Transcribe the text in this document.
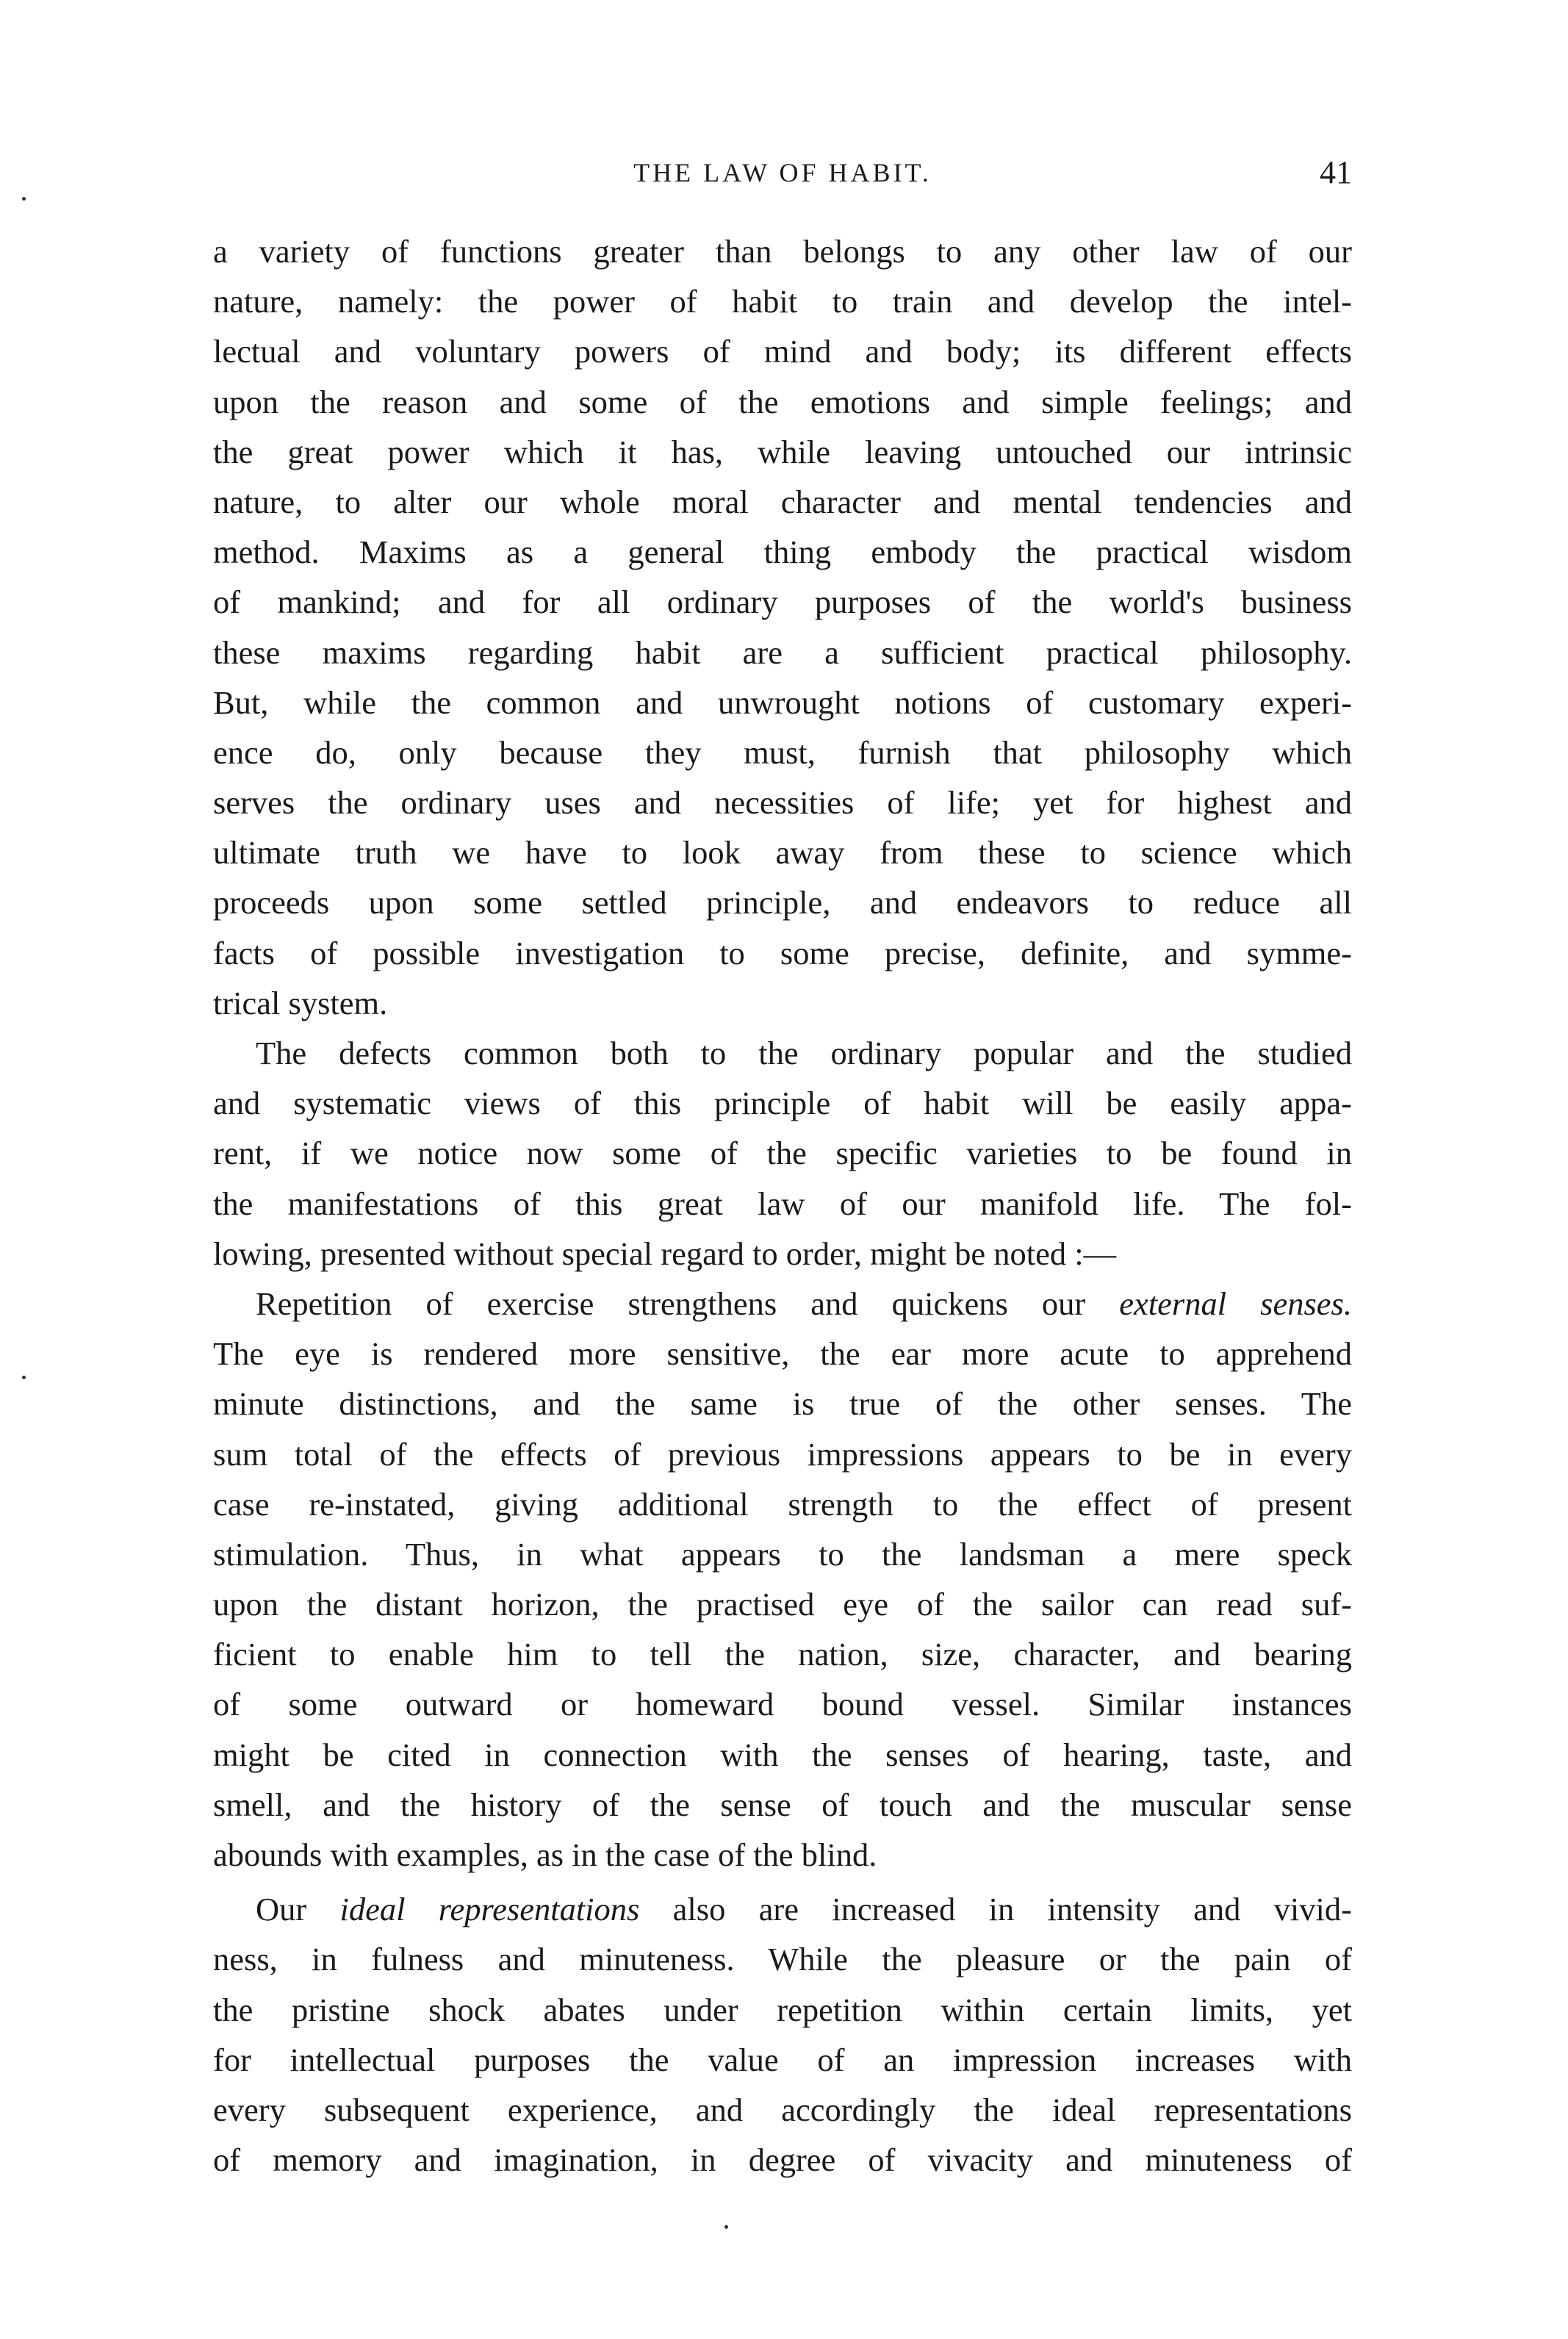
THE LAW OF HABIT.	41
a variety of functions greater than belongs to any other law of our
nature, namely: the power of habit to train and develop the intel-
lectual and voluntary powers of mind and body; its different effects
upon the reason and some of the emotions and simple feelings; and
the great power which it has, while leaving untouched our intrinsic
nature, to alter our whole moral character and mental tendencies and
method. Maxims as a general thing embody the practical wisdom
of mankind; and for all ordinary purposes of the world's business
these maxims regarding habit are a sufficient practical philosophy.
But, while the common and unwrought notions of customary experi-
ence do, only because they must, furnish that philosophy which
serves the ordinary uses and necessities of life; yet for highest and
ultimate truth we have to look away from these to science which
proceeds upon some settled principle, and endeavors to reduce all
facts of possible investigation to some precise, definite, and symme-
trical system.
The defects common both to the ordinary popular and the studied
and systematic views of this principle of habit will be easily appa-
rent, if we notice now some of the specific varieties to be found in
the manifestations of this great law of our manifold life. The fol-
lowing, presented without special regard to order, might be noted :—
Repetition of exercise strengthens and quickens our external senses.
The eye is rendered more sensitive, the ear more acute to apprehend
minute distinctions, and the same is true of the other senses. The
sum total of the effects of previous impressions appears to be in every
case re-instated, giving additional strength to the effect of present
stimulation. Thus, in what appears to the landsman a mere speck
upon the distant horizon, the practised eye of the sailor can read suf-
ficient to enable him to tell the nation, size, character, and bearing
of some outward or homeward bound vessel. Similar instances
might be cited in connection with the senses of hearing, taste, and
smell, and the history of the sense of touch and the muscular sense
abounds with examples, as in the case of the blind.
Our ideal representations also are increased in intensity and vivid-
ness, in fulness and minuteness. While the pleasure or the pain of
the pristine shock abates under repetition within certain limits, yet
for intellectual purposes the value of an impression increases with
every subsequent experience, and accordingly the ideal representations
of memory and imagination, in degree of vivacity and minuteness of
